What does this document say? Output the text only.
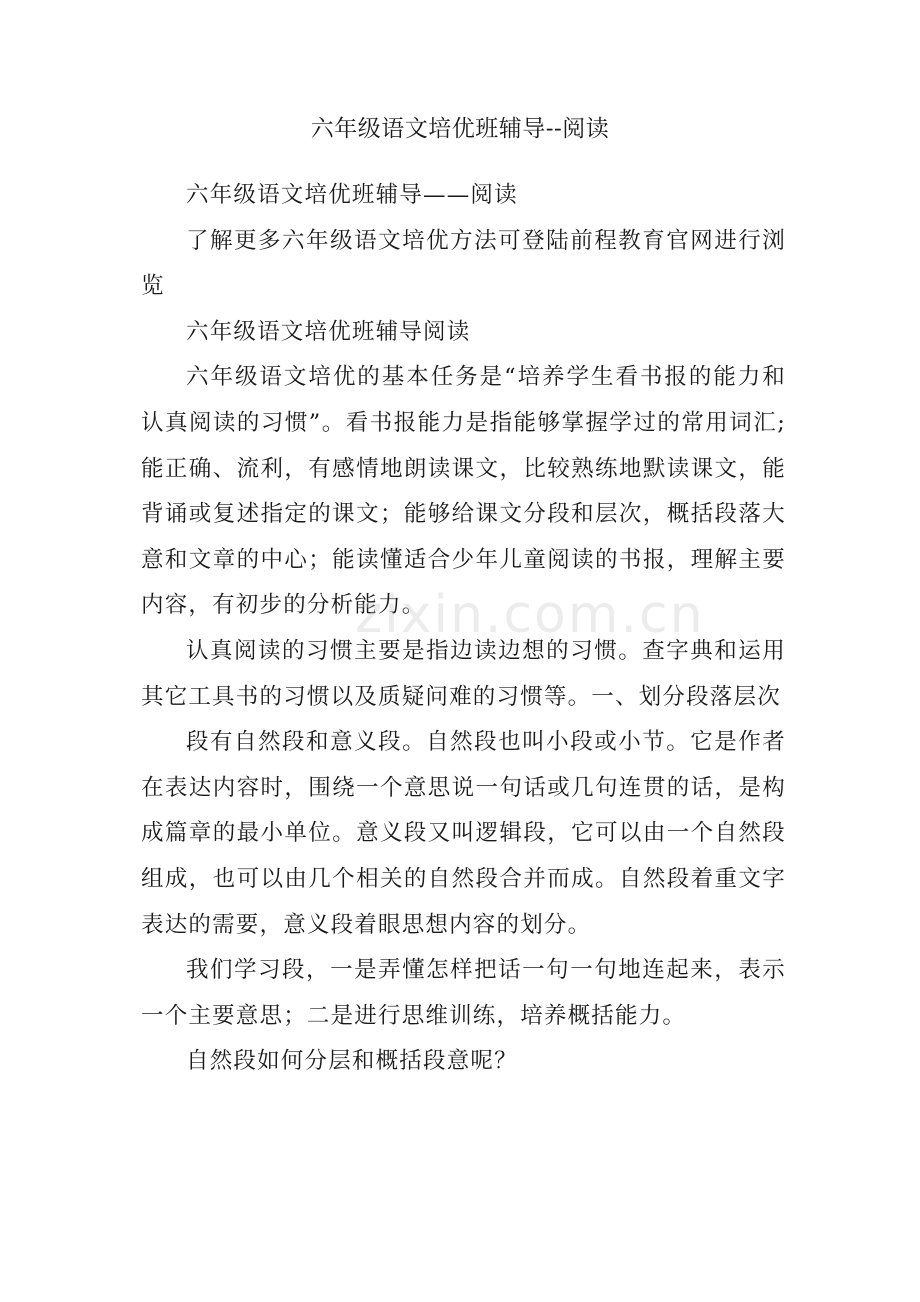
六年级语文培优班辅导--阅读

六年级语文培优班辅导——阅读

了解更多六年级语文培优方法可登陆前程教育官网进行浏览

六年级语文培优班辅导阅读

六年级语文培优的基本任务是“培养学生看书报的能力和认真阅读的习惯”。看书报能力是指能够掌握学过的常用词汇;能正确、流利，有感情地朗读课文，比较熟练地默读课文，能背诵或复述指定的课文；能够给课文分段和层次，概括段落大意和文章的中心；能读懂适合少年儿童阅读的书报，理解主要内容，有初步的分析能力。

认真阅读的习惯主要是指边读边想的习惯。查字典和运用其它工具书的习惯以及质疑问难的习惯等。一、划分段落层次

段有自然段和意义段。自然段也叫小段或小节。它是作者在表达内容时，围绕一个意思说一句话或几句连贯的话，是构成篇章的最小单位。意义段又叫逻辑段，它可以由一个自然段组成，也可以由几个相关的自然段合并而成。自然段着重文字表达的需要，意义段着眼思想内容的划分。

我们学习段，一是弄懂怎样把话一句一句地连起来，表示一个主要意思；二是进行思维训练，培养概括能力。

自然段如何分层和概括段意呢？

zixin.com.cn
